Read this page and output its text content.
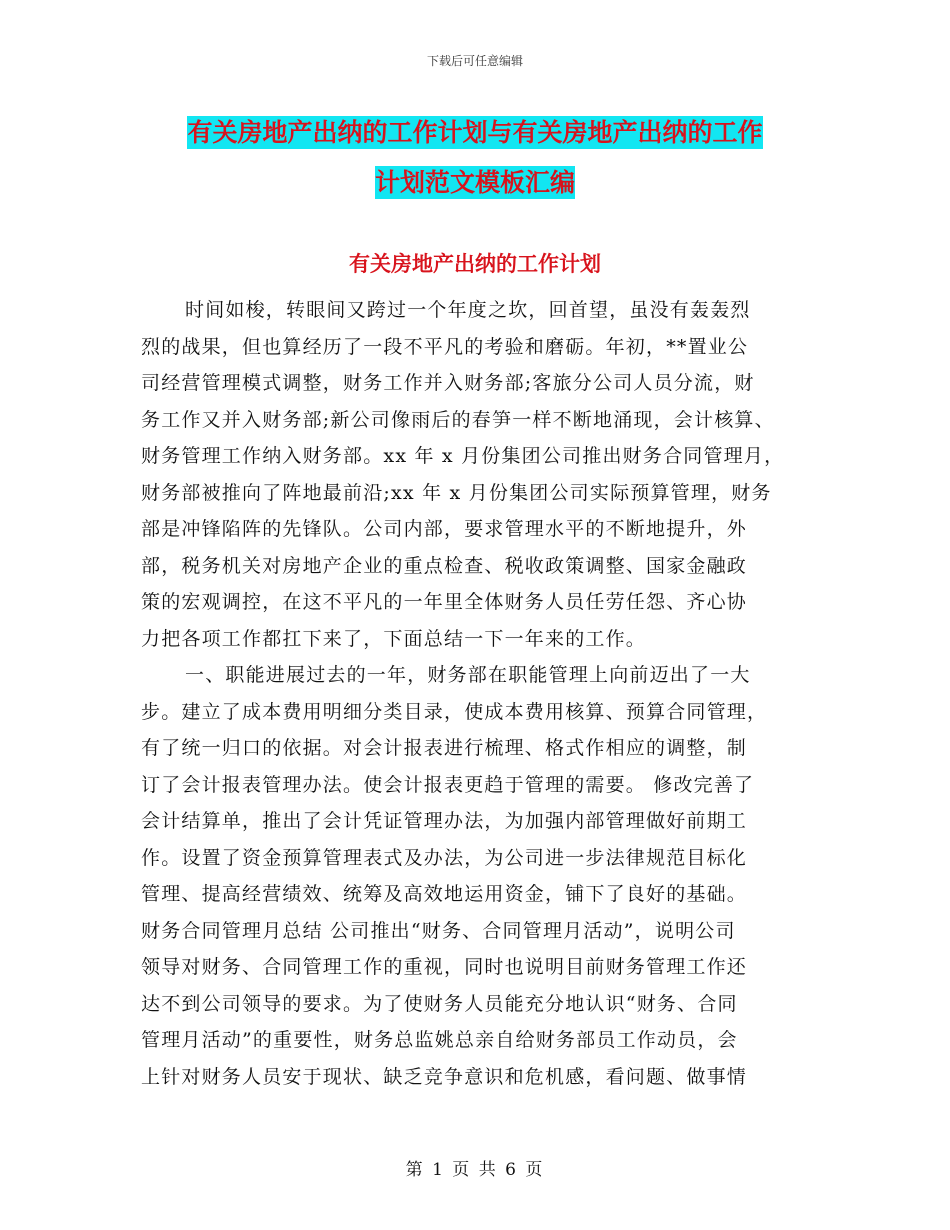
下载后可任意编辑
有关房地产出纳的工作计划与有关房地产出纳的工作
计划范文模板汇编
有关房地产出纳的工作计划
时间如梭，转眼间又跨过一个年度之坎，回首望，虽没有轰轰烈
烈的战果，但也算经历了一段不平凡的考验和磨砺。年初，**置业公
司经营管理模式调整，财务工作并入财务部;客旅分公司人员分流，财
务工作又并入财务部;新公司像雨后的春笋一样不断地涌现，会计核算、
财务管理工作纳入财务部。xx 年 x 月份集团公司推出财务合同管理月，
财务部被推向了阵地最前沿;xx 年 x 月份集团公司实际预算管理，财务
部是冲锋陷阵的先锋队。公司内部，要求管理水平的不断地提升，外
部，税务机关对房地产企业的重点检查、税收政策调整、国家金融政
策的宏观调控，在这不平凡的一年里全体财务人员任劳任怨、齐心协
力把各项工作都扛下来了，下面总结一下一年来的工作。
一、职能进展过去的一年，财务部在职能管理上向前迈出了一大
步。建立了成本费用明细分类目录，使成本费用核算、预算合同管理，
有了统一归口的依据。对会计报表进行梳理、格式作相应的调整，制
订了会计报表管理办法。使会计报表更趋于管理的需要。 修改完善了
会计结算单，推出了会计凭证管理办法，为加强内部管理做好前期工
作。设置了资金预算管理表式及办法，为公司进一步法律规范目标化
管理、提高经营绩效、统筹及高效地运用资金，铺下了良好的基础。
财务合同管理月总结 公司推出“财务、合同管理月活动”，说明公司
领导对财务、合同管理工作的重视，同时也说明目前财务管理工作还
达不到公司领导的要求。为了使财务人员能充分地认识“财务、合同
管理月活动”的重要性，财务总监姚总亲自给财务部员工作动员，会
上针对财务人员安于现状、缺乏竞争意识和危机感，看问题、做事情
第 1 页 共 6 页
